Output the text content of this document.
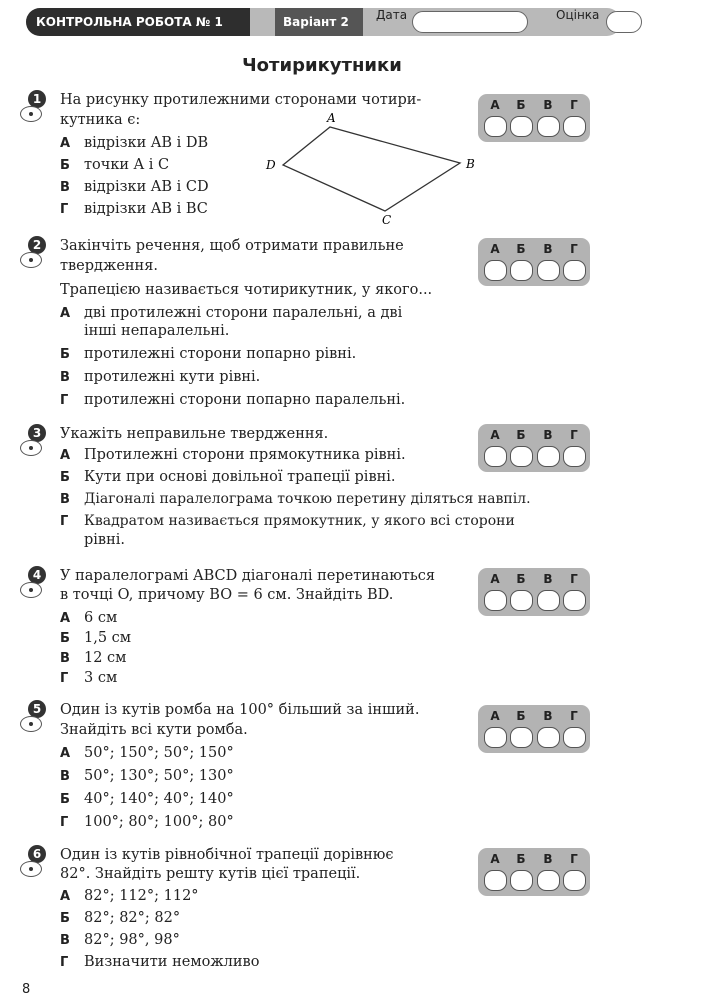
КОНТРОЛЬНА РОБОТА № 1	Варіант 2	Дата	Оцінка
Чотирикутники
1	На рисунку протилежними сторонами чотири-
кутника є:
А відрізки AB і DB
Б точки A і C
В відрізки AB і CD
Г відрізки AB і BC
A
B
C
D
2	Закінчіть речення, щоб отримати правильне
твердження.
Трапецією називається чотирикутник, у якого...
А дві протилежні сторони паралельні, а дві
інші непаралельні.
Б протилежні сторони попарно рівні.
В протилежні кути рівні.
Г протилежні сторони попарно паралельні.
3	Укажіть неправильне твердження.
А Протилежні сторони прямокутника рівні.
Б Кути при основі довільної трапеції рівні.
В Діагоналі паралелограма точкою перетину діляться навпіл.
Г Квадратом називається прямокутник, у якого всі сторони
рівні.
4	У паралелограмі ABCD діагоналі перетинаються
в точці O, причому BO = 6 см. Знайдіть BD.
А 6 см
Б 1,5 см
В 12 см
Г 3 см
5	Один із кутів ромба на 100° більший за інший.
Знайдіть всі кути ромба.
А 50°; 150°; 50°; 150°
В 50°; 130°; 50°; 130°
Б 40°; 140°; 40°; 140°
Г 100°; 80°; 100°; 80°
6	Один із кутів рівнобічної трапеції дорівнює
82°. Знайдіть решту кутів цієї трапеції.
А 82°; 112°; 112°
Б 82°; 82°; 82°
В 82°; 98°, 98°
Г Визначити неможливо
А	Б	В	Г
А	Б	В	Г
А	Б	В	Г
А	Б	В	Г
А	Б	В	Г
А	Б	В	Г
8
